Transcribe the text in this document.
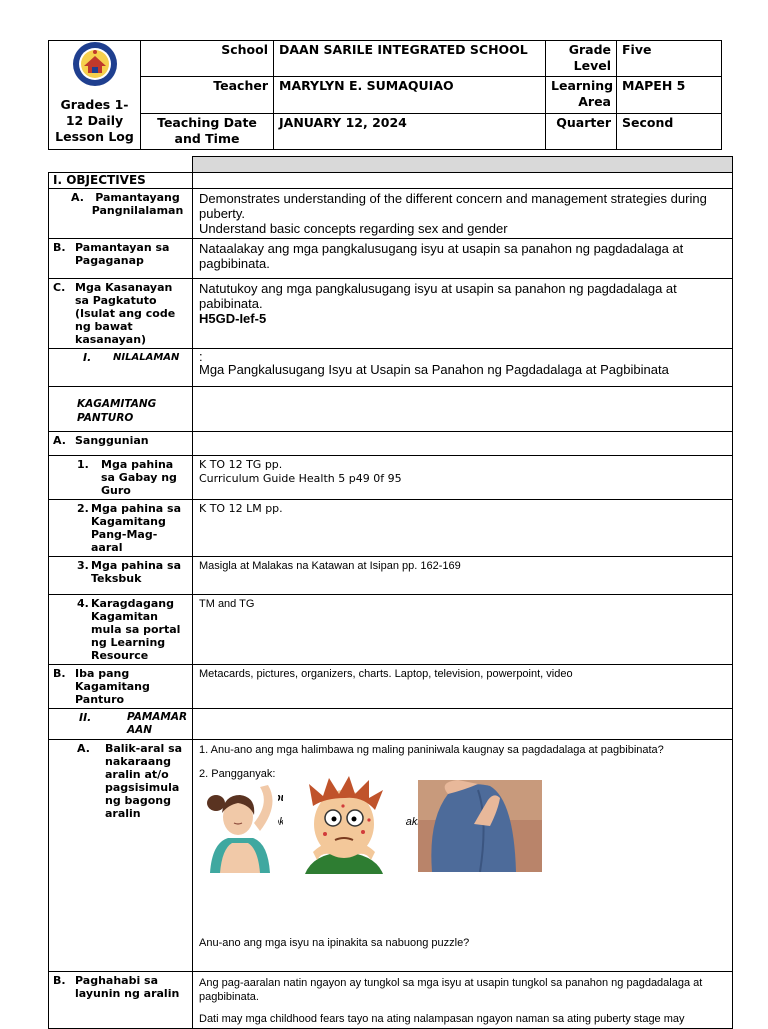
Grades 1-12 Daily Lesson Log	School	DAAN SARILE INTEGRATED SCHOOL	Grade Level	Five
	Teacher	MARYLYN E. SUMAQUIAO	Learning Area	MAPEH 5
	Teaching Date and Time	JANUARY 12, 2024	Quarter	Second

I. OBJECTIVES	

A. Pamantayang Pangnilalaman	Demonstrates understanding of the different concern and management strategies during puberty.
Understand basic concepts regarding sex and gender

B. Pamantayan sa Pagaganap	Nataalakay ang mga pangkalusugang isyu at usapin sa panahon ng pagdadalaga at pagbibinata.

C. Mga Kasanayan sa Pagkatuto (Isulat ang code ng bawat kasanayan)	Natutukoy ang mga pangkalusugang isyu at usapin sa panahon ng pagdadalaga at pabibinata.
H5GD-Ief-5

I. NILALAMAN	:
Mga Pangkalusugang Isyu at Usapin sa Panahon ng Pagdadalaga at Pagbibinata

KAGAMITANG PANTURO	

A. Sanggunian	

1. Mga pahina sa Gabay ng Guro	K TO 12 TG pp.
Curriculum Guide Health 5 p49 0f 95

2. Mga pahina sa Kagamitang Pang-Mag-aaral	K TO 12 LM pp.

3. Mga pahina sa Teksbuk	Masigla at Malakas na Katawan at Isipan pp. 162-169

4. Karagdagang Kagamitan mula sa portal ng Learning Resource	TM and TG

B. Iba pang Kagamitang Panturo	Metacards, pictures, organizers, charts. Laptop, television, powerpoint, video

II. PAMAMARAAN	

A. Balik-aral sa nakaraang aralin at/o pagsisimula ng bagong aralin	1. Anu-ano ang mga halimbawa ng maling paniniwala kaugnay sa pagdadalaga at pagbibinata?
2. Pangganyak:
Pagbubuo
makikta
Anu-ano ang mga isyu na ipinakita sa nabuong puzzle?

B. Paghahabi sa layunin ng aralin	Ang pag-aaralan natin ngayon ay tungkol sa mga isyu at usapin tungkol sa panahon ng pagdadalaga at pagbibinata.
Dati may mga childhood fears tayo na ating nalampasan ngayon naman sa ating puberty stage may
